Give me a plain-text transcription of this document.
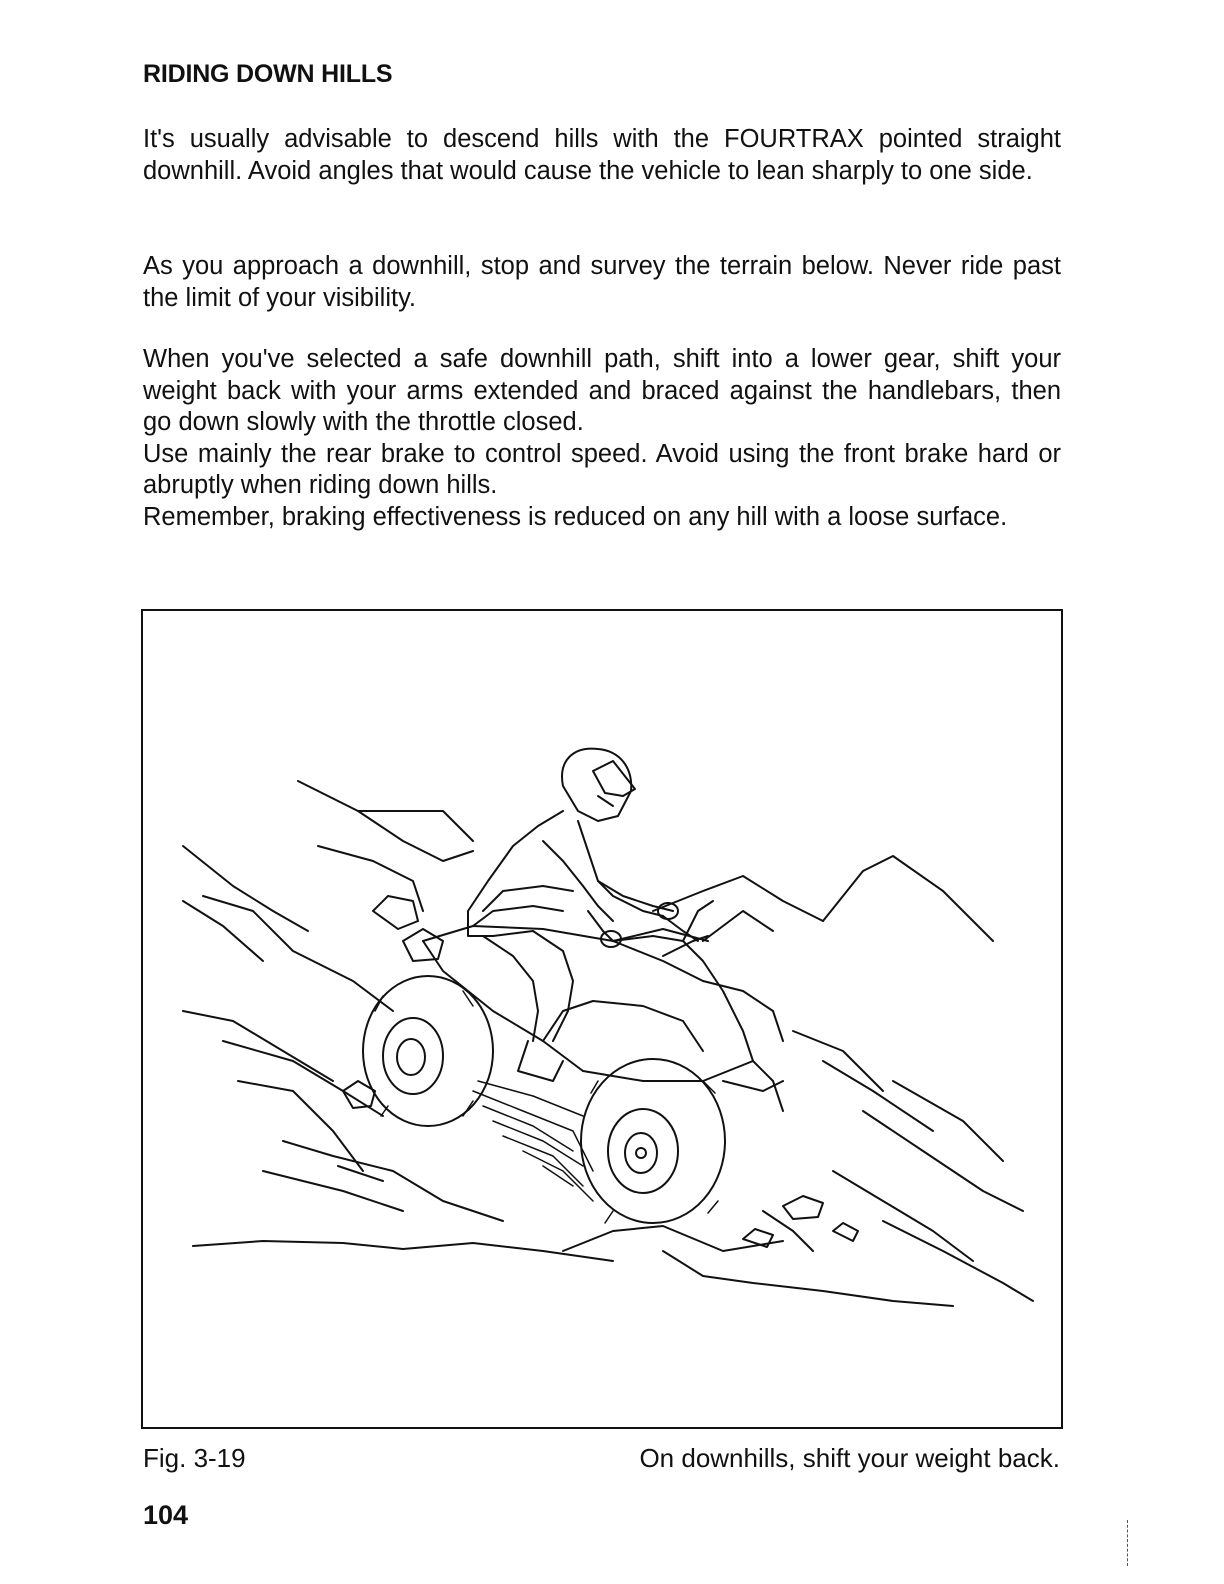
RIDING DOWN HILLS

It's usually advisable to descend hills with the FOURTRAX pointed straight downhill. Avoid angles that would cause the vehicle to lean sharply to one side.

As you approach a downhill, stop and survey the terrain below. Never ride past the limit of your visibility.

When you've selected a safe downhill path, shift into a lower gear, shift your weight back with your arms extended and braced against the handlebars, then go down slowly with the throttle closed.
Use mainly the rear brake to control speed. Avoid using the front brake hard or abruptly when riding down hills.
Remember, braking effectiveness is reduced on any hill with a loose surface.

Fig. 3-19	On downhills, shift your weight back.
104
